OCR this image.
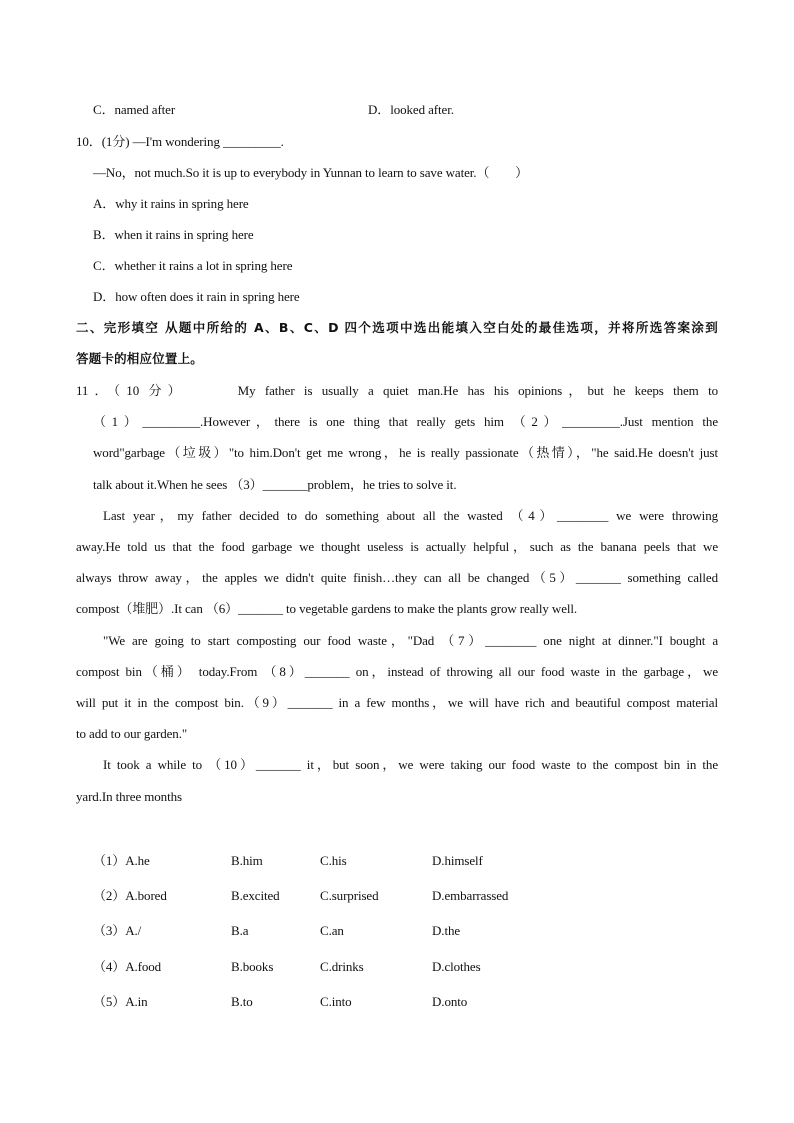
C．named after	D．looked after.
10．(1分) —I'm wondering _________.
—No，not much.So it is up to everybody in Yunnan to learn to save water.（　　）
A．why it rains in spring here
B．when it rains in spring here
C．whether it rains a lot in spring here
D．how often does it rain in spring here
二、完形填空 从题中所给的 A、B、C、D 四个选项中选出能填入空白处的最佳选项，并将所选答案涂到
答题卡的相应位置上。
11．（10 分）　　　My father is usually a quiet man.He has his opinions，but he keeps them to
（1）_________.However，there is one thing that really gets him （2）_________.Just mention the
word"garbage（垃圾）"to him.Don't get me wrong，he is really passionate（热情），"he said.He doesn't just
talk about it.When he sees （3）_______problem，he tries to solve it.
Last year，my father decided to do something about all the wasted （4）________ we were throwing
away.He told us that the food garbage we thought useless is actually helpful，such as the banana peels that we
always throw away，the apples we didn't quite finish…they can all be changed（5）_______ something called
compost（堆肥）.It can （6）_______ to vegetable gardens to make the plants grow really well.
"We are going to start composting our food waste，"Dad （7）________ one night at dinner."I bought a
compost bin（桶） today.From （8）_______ on，instead of throwing all our food waste in the garbage，we
will put it in the compost bin.（9）_______ in a few months，we will have rich and beautiful compost material
to add to our garden."
It took a while to （10）_______ it，but soon，we were taking our food waste to the compost bin in the
yard.In three months
（1）A.he	B.him	C.his	D.himself
（2）A.bored	B.excited	C.surprised	D.embarrassed
（3）A./	B.a	C.an	D.the
（4）A.food	B.books	C.drinks	D.clothes
（5）A.in	B.to	C.into	D.onto
